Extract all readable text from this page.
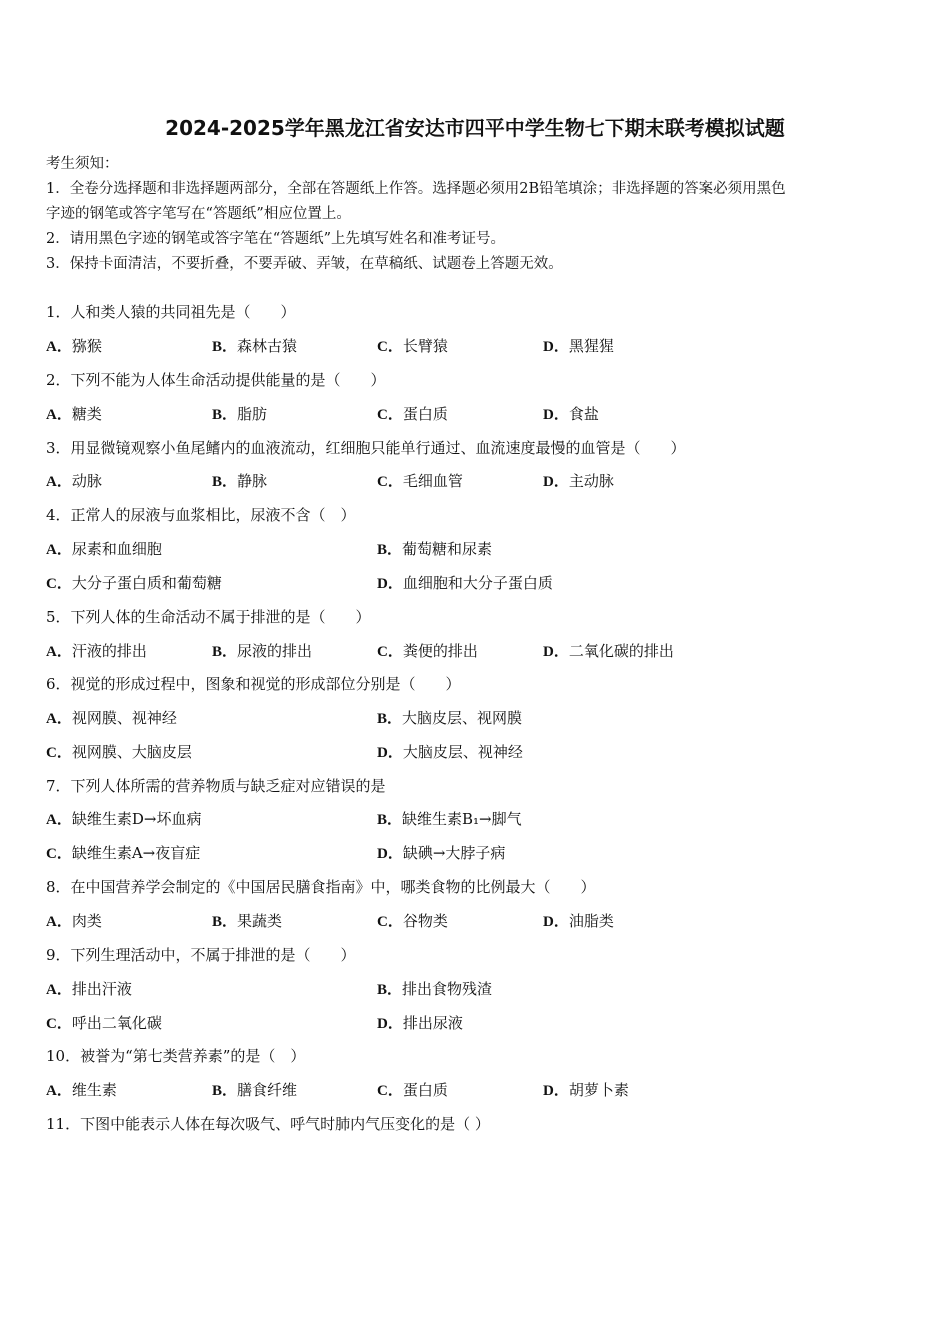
2024-2025学年黑龙江省安达市四平中学生物七下期末联考模拟试题
考生须知：
1．全卷分选择题和非选择题两部分，全部在答题纸上作答。选择题必须用2B铅笔填涂；非选择题的答案必须用黑色
字迹的钢笔或答字笔写在“答题纸”相应位置上。
2．请用黑色字迹的钢笔或答字笔在“答题纸”上先填写姓名和准考证号。
3．保持卡面清洁，不要折叠，不要弄破、弄皱，在草稿纸、试题卷上答题无效。
1．人和类人猿的共同祖先是（　　）
A．猕猴	B．森林古猿	C．长臂猿	D．黑猩猩
2．下列不能为人体生命活动提供能量的是（　　）
A．糖类	B．脂肪	C．蛋白质	D．食盐
3．用显微镜观察小鱼尾鳍内的血液流动，红细胞只能单行通过、血流速度最慢的血管是（　　）
A．动脉	B．静脉	C．毛细血管	D．主动脉
4．正常人的尿液与血浆相比，尿液不含（　）
A．尿素和血细胞	B．葡萄糖和尿素
C．大分子蛋白质和葡萄糖	D．血细胞和大分子蛋白质
5．下列人体的生命活动不属于排泄的是（　　）
A．汗液的排出	B．尿液的排出	C．粪便的排出	D．二氧化碳的排出
6．视觉的形成过程中，图象和视觉的形成部位分别是（　　）
A．视网膜、视神经	B．大脑皮层、视网膜
C．视网膜、大脑皮层	D．大脑皮层、视神经
7．下列人体所需的营养物质与缺乏症对应错误的是
A．缺维生素D→坏血病	B．缺维生素B₁→脚气
C．缺维生素A→夜盲症	D．缺碘→大脖子病
8．在中国营养学会制定的《中国居民膳食指南》中，哪类食物的比例最大（　　）
A．肉类	B．果蔬类	C．谷物类	D．油脂类
9．下列生理活动中，不属于排泄的是（　　）
A．排出汗液	B．排出食物残渣
C．呼出二氧化碳	D．排出尿液
10．被誉为“第七类营养素”的是（　）
A．维生素	B．膳食纤维	C．蛋白质	D．胡萝卜素
11．下图中能表示人体在每次吸气、呼气时肺内气压变化的是（ ）
